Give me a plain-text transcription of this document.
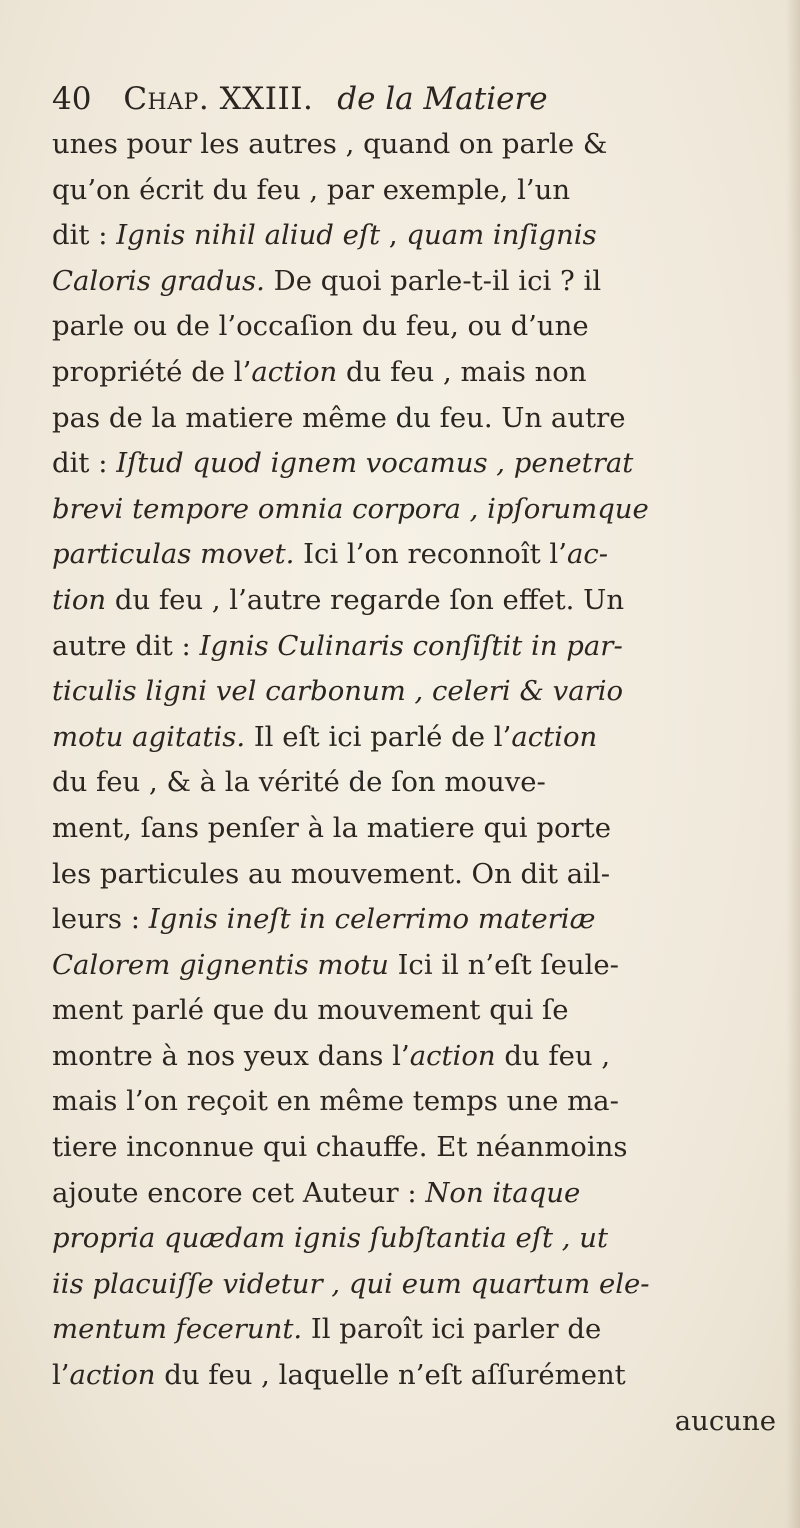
40 Chap. XXIII. de la Matiere
unes pour les autres , quand on parle &
qu’on écrit du feu , par exemple, l’un
dit : Ignis nihil aliud eſt , quam inſignis
Caloris gradus. De quoi parle-t-il ici ? il
parle ou de l’occaſion du feu, ou d’une
propriété de l’action du feu , mais non
pas de la matiere même du feu. Un autre
dit : Iſtud quod ignem vocamus , penetrat
brevi tempore omnia corpora , ipſorumque
particulas movet. Ici l’on reconnoît l’ac-
tion du feu , l’autre regarde ſon effet. Un
autre dit : Ignis Culinaris conſiſtit in par-
ticulis ligni vel carbonum , celeri & vario
motu agitatis. Il eſt ici parlé de l’action
du feu , & à la vérité de ſon mouve-
ment, ſans penſer à la matiere qui porte
les particules au mouvement. On dit ail-
leurs : Ignis ineſt in celerrimo materiæ
Calorem gignentis motu Ici il n’eſt ſeule-
ment parlé que du mouvement qui ſe
montre à nos yeux dans l’action du feu ,
mais l’on reçoit en même temps une ma-
tiere inconnue qui chauffe. Et néanmoins
ajoute encore cet Auteur : Non itaque
propria quædam ignis ſubſtantia eſt , ut
iis placuiſſe videtur , qui eum quartum ele-
mentum fecerunt. Il paroît ici parler de
l’action du feu , laquelle n’eſt aſſurément
aucune
